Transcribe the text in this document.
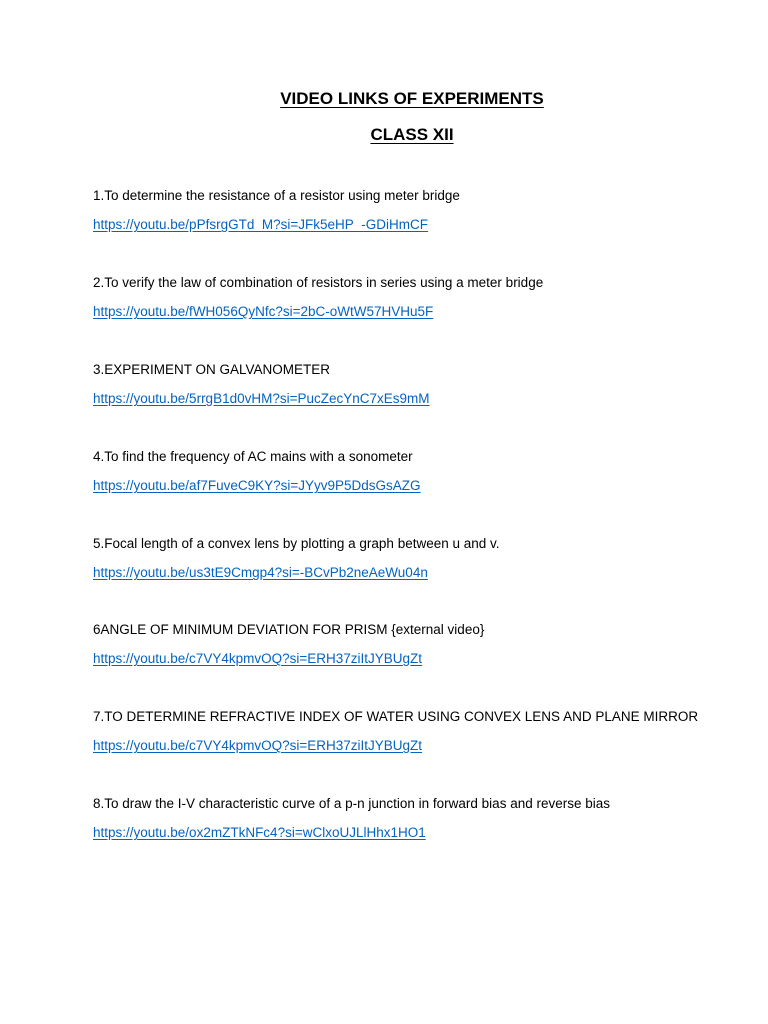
VIDEO LINKS OF EXPERIMENTS
CLASS XII
1.To determine the resistance of a resistor using meter bridge
https://youtu.be/pPfsrgGTd_M?si=JFk5eHP_-GDiHmCF
2.To verify the law of combination of resistors in series using a meter bridge
https://youtu.be/fWH056QyNfc?si=2bC-oWtW57HVHu5F
3.EXPERIMENT ON GALVANOMETER
https://youtu.be/5rrgB1d0vHM?si=PucZecYnC7xEs9mM
4.To find the frequency of AC mains with a sonometer
https://youtu.be/af7FuveC9KY?si=JYyv9P5DdsGsAZG
5.Focal length of a convex lens by plotting a graph between u and v.
https://youtu.be/us3tE9Cmgp4?si=-BCvPb2neAeWu04n
6ANGLE OF MINIMUM DEVIATION FOR PRISM {external video}
https://youtu.be/c7VY4kpmvOQ?si=ERH37ziItJYBUgZt
7.TO DETERMINE REFRACTIVE INDEX OF WATER USING CONVEX LENS AND PLANE MIRROR
https://youtu.be/c7VY4kpmvOQ?si=ERH37ziItJYBUgZt
8.To draw the I-V characteristic curve of a p-n junction in forward bias and reverse bias
https://youtu.be/ox2mZTkNFc4?si=wClxoUJLlHhx1HO1
